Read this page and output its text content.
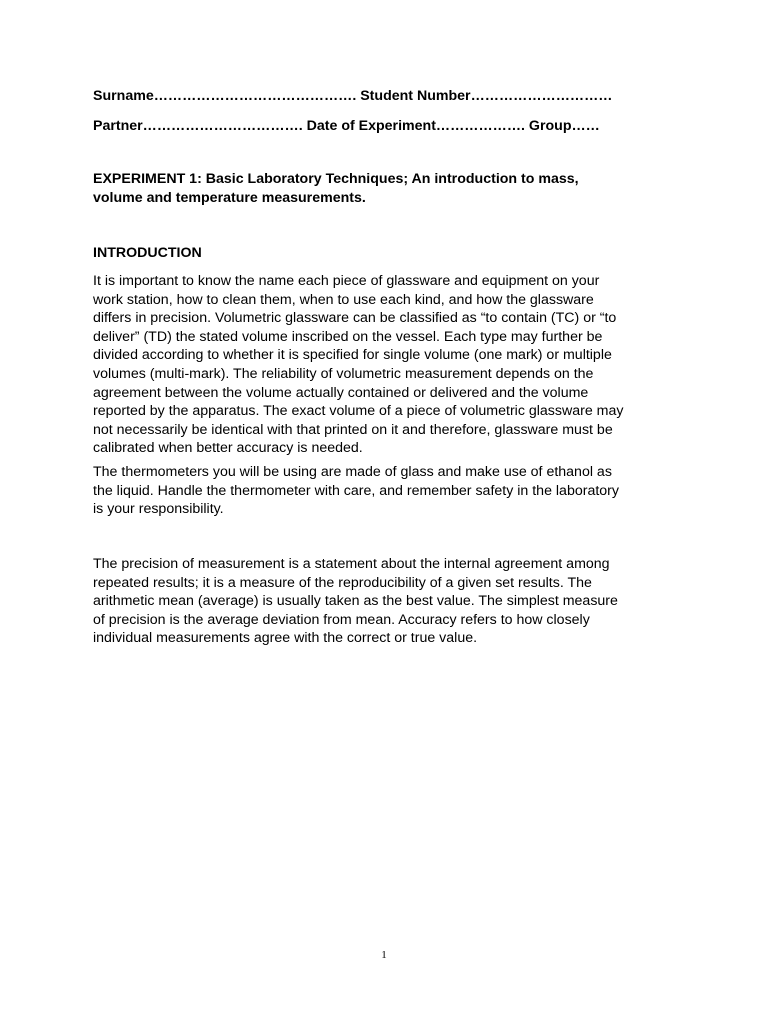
Surname……………………………………. Student Number…………………………
Partner……………………………. Date of Experiment………………. Group……
EXPERIMENT 1: Basic Laboratory Techniques; An introduction to mass,
volume and temperature measurements.
INTRODUCTION
It is important to know the name each piece of glassware and equipment on your
work station, how to clean them, when to use each kind, and how the glassware
differs in precision. Volumetric glassware can be classified as “to contain (TC) or “to
deliver” (TD) the stated volume inscribed on the vessel. Each type may further be
divided according to whether it is specified for single volume (one mark) or multiple
volumes (multi-mark). The reliability of volumetric measurement depends on the
agreement between the volume actually contained or delivered and the volume
reported by the apparatus. The exact volume of a piece of volumetric glassware may
not necessarily be identical with that printed on it and therefore, glassware must be
calibrated when better accuracy is needed.
The thermometers you will be using are made of glass and make use of ethanol as
the liquid. Handle the thermometer with care, and remember safety in the laboratory
is your responsibility.
The precision of measurement is a statement about the internal agreement among
repeated results; it is a measure of the reproducibility of a given set results. The
arithmetic mean (average) is usually taken as the best value. The simplest measure
of precision is the average deviation from mean. Accuracy refers to how closely
individual measurements agree with the correct or true value.
1
